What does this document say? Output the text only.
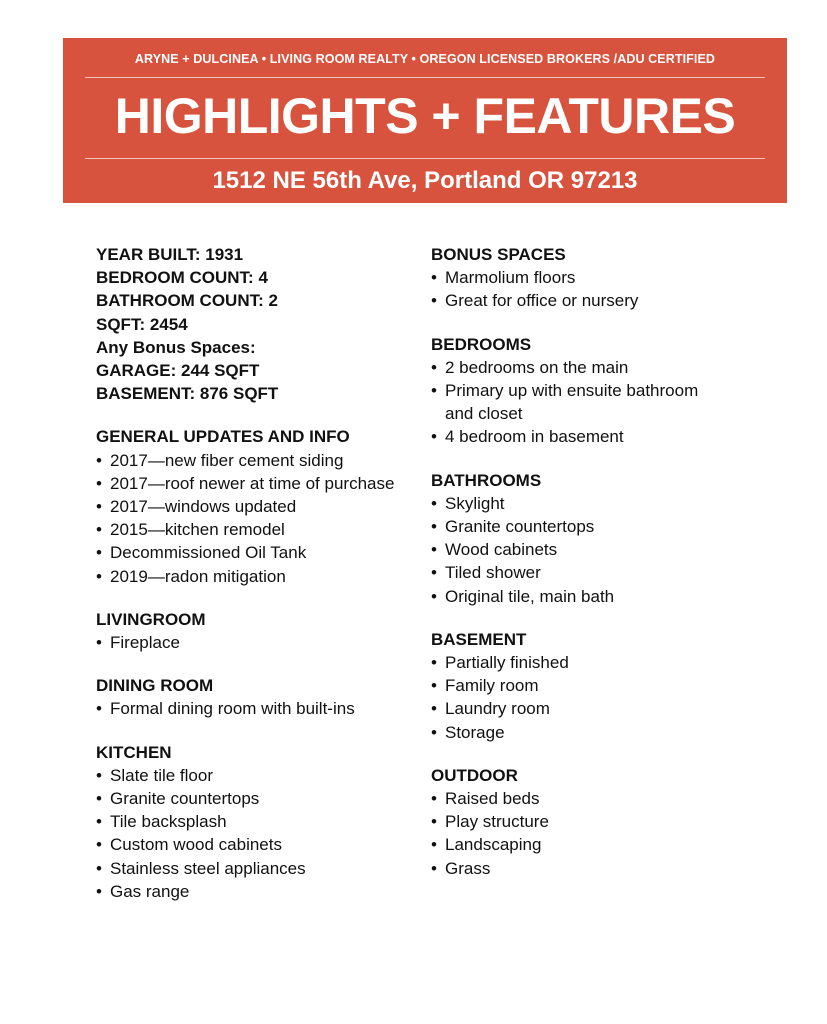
ARYNE + DULCINEA • LIVING ROOM REALTY • OREGON LICENSED BROKERS /ADU CERTIFIED
HIGHLIGHTS + FEATURES
1512 NE 56th Ave, Portland OR 97213
YEAR BUILT: 1931
BEDROOM COUNT: 4
BATHROOM COUNT: 2
SQFT: 2454
Any Bonus Spaces:
GARAGE: 244 SQFT
BASEMENT: 876 SQFT
GENERAL UPDATES AND INFO
• 2017—new fiber cement siding
• 2017—roof newer at time of purchase
• 2017—windows updated
• 2015—kitchen remodel
• Decommissioned Oil Tank
• 2019—radon mitigation
LIVINGROOM
• Fireplace
DINING ROOM
• Formal dining room with built-ins
KITCHEN
• Slate tile floor
• Granite countertops
• Tile backsplash
• Custom wood cabinets
• Stainless steel appliances
• Gas range
BONUS SPACES
• Marmolium floors
• Great for office or nursery
BEDROOMS
• 2 bedrooms on the main
• Primary up with ensuite bathroom and closet
• 4 bedroom in basement
BATHROOMS
• Skylight
• Granite countertops
• Wood cabinets
• Tiled shower
• Original tile, main bath
BASEMENT
• Partially finished
• Family room
• Laundry room
• Storage
OUTDOOR
• Raised beds
• Play structure
• Landscaping
• Grass
